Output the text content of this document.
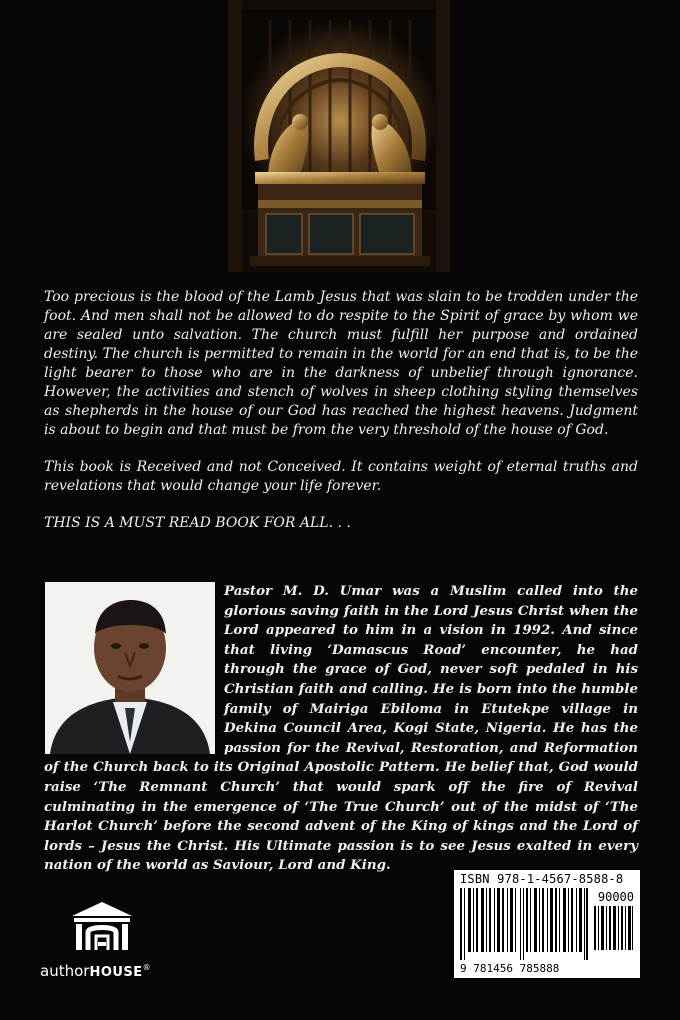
Too precious is the blood of the Lamb Jesus that was slain to be trodden under the foot. And men shall not be allowed to do respite to the Spirit of grace by whom we are sealed unto salvation. The church must fulfill her purpose and ordained destiny. The church is permitted to remain in the world for an end that is, to be the light bearer to those who are in the darkness of unbelief through ignorance. However, the activities and stench of wolves in sheep clothing styling themselves as shepherds in the house of our God has reached the highest heavens. Judgment is about to begin and that must be from the very threshold of the house of God.

This book is Received and not Conceived. It contains weight of eternal truths and revelations that would change your life forever.

THIS IS A MUST READ BOOK FOR ALL. . .

Pastor M. D. Umar was a Muslim called into the glorious saving faith in the Lord Jesus Christ when the Lord appeared to him in a vision in 1992. And since that living ‘Damascus Road’ encounter, he had through the grace of God, never soft pedaled in his Christian faith and calling. He is born into the humble family of Mairiga Ebiloma in Etutekpe village in Dekina Council Area, Kogi State, Nigeria. He has the passion for the Revival, Restoration, and Reformation of the Church back to its Original Apostolic Pattern. He belief that, God would raise ‘The Remnant Church’ that would spark off the fire of Revival culminating in the emergence of ‘The True Church’ out of the midst of ‘The Harlot Church’ before the second advent of the King of kings and the Lord of lords – Jesus the Christ. His Ultimate passion is to see Jesus exalted in every nation of the world as Saviour, Lord and King.
authorHOUSE®
ISBN 978-1-4567-8588-8
90000
9 781456 785888
